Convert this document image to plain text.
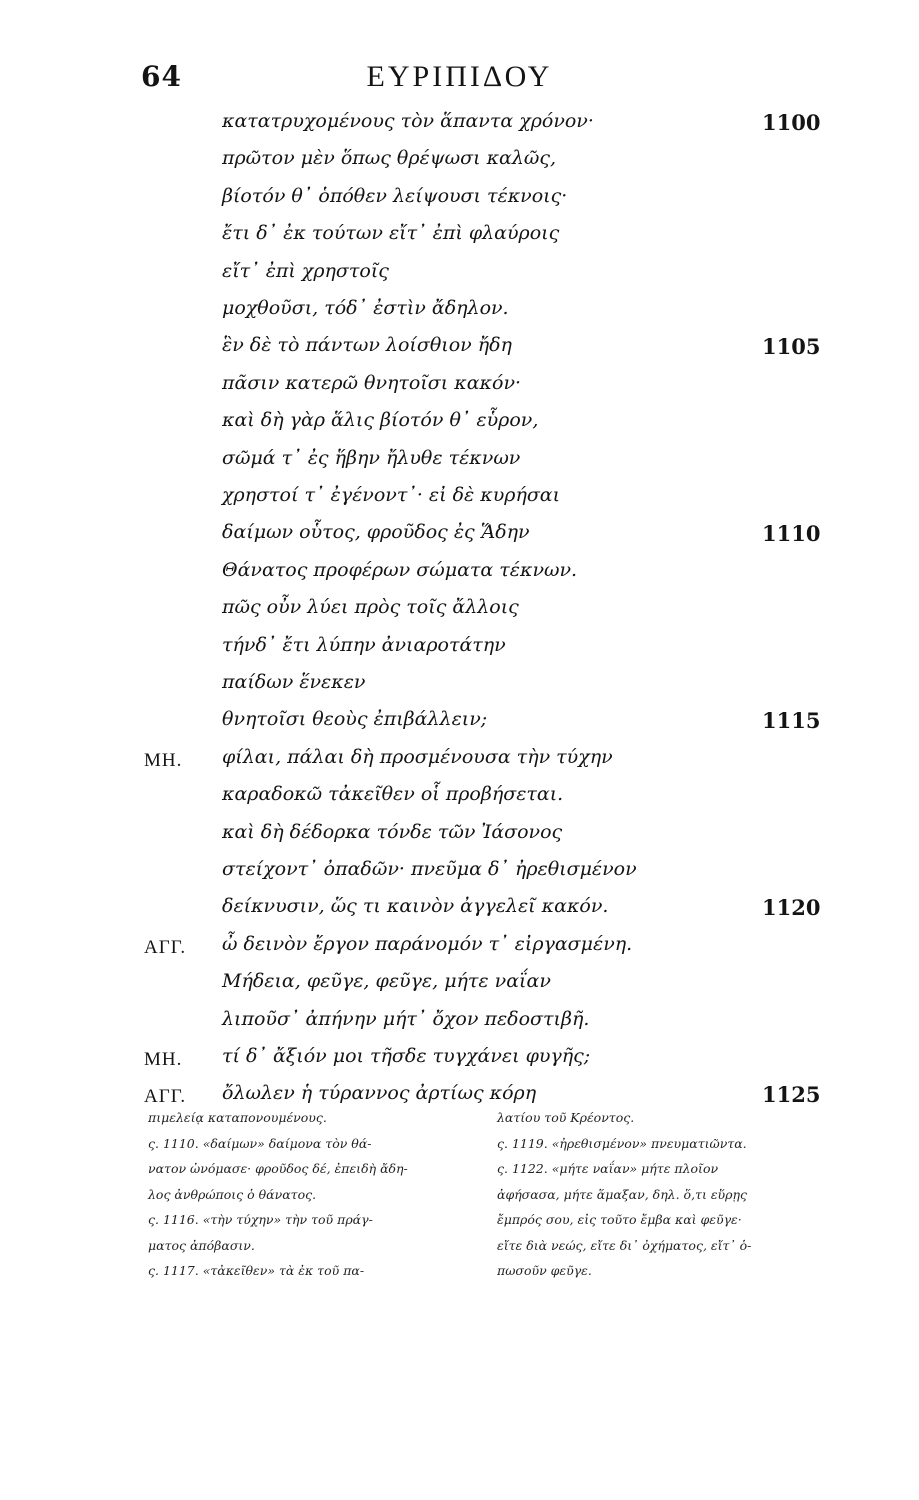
64	ΕΥΡΙΠΙΔΟΥ
κατατρυχομένους τὸν ἅπαντα χρόνον·	1100
πρῶτον μὲν ὅπως θρέψωσι καλῶς,
βίοτόν θ᾽ ὁπόθεν λείψουσι τέκνοις·
ἔτι δ᾽ ἐκ τούτων εἴτ᾽ ἐπὶ φλαύροις
εἴτ᾽ ἐπὶ χρηστοῖς
μοχθοῦσι, τόδ᾽ ἐστὶν ἄδηλον.
ἓν δὲ τὸ πάντων λοίσθιον ἤδη	1105
πᾶσιν κατερῶ θνητοῖσι κακόν·
καὶ δὴ γὰρ ἅλις βίοτόν θ᾽ εὗρον,
σῶμά τ᾽ ἐς ἥβην ἤλυθε τέκνων
χρηστοί τ᾽ ἐγένοντ᾽· εἰ δὲ κυρήσαι
δαίμων οὗτος, φροῦδος ἐς Ἅδην	1110
Θάνατος προφέρων σώματα τέκνων.
πῶς οὖν λύει πρὸς τοῖς ἄλλοις
τήνδ᾽ ἔτι λύπην ἀνιαροτάτην
παίδων ἕνεκεν
θνητοῖσι θεοὺς ἐπιβάλλειν;	1115
ΜΗ. φίλαι, πάλαι δὴ προσμένουσα τὴν τύχην
καραδοκῶ τἀκεῖθεν οἷ προβήσεται.
καὶ δὴ δέδορκα τόνδε τῶν Ἰάσονος
στείχοντ᾽ ὀπαδῶν· πνεῦμα δ᾽ ἠρεθισμένον
δείκνυσιν, ὥς τι καινὸν ἀγγελεῖ κακόν.	1120
ΑΓΓ. ὦ δεινὸν ἔργον παράνομόν τ᾽ εἰργασμένη.
Μήδεια, φεῦγε, φεῦγε, μήτε ναΐαν
λιποῦσ᾽ ἀπήνην μήτ᾽ ὄχον πεδοστιβῆ.
ΜΗ. τί δ᾽ ἄξιόν μοι τῆσδε τυγχάνει φυγῆς;
ΑΓΓ. ὄλωλεν ἡ τύραννος ἀρτίως κόρη	1125
πιμελείᾳ καταπονουμένους.
ς. 1110. «δαίμων» δαίμονα τὸν θά-
νατον ὠνόμασε· φροῦδος δέ, ἐπειδὴ ἄδη-
λος ἀνθρώποις ὁ θάνατος.
ς. 1116. «τὴν τύχην» τὴν τοῦ πράγ-
ματος ἀπόβασιν.
ς. 1117. «τἀκεῖθεν» τὰ ἐκ τοῦ πα-
λατίου τοῦ Κρέοντος.
ς. 1119. «ἠρεθισμένον» πνευματιῶντα.
ς. 1122. «μήτε ναΐαν» μήτε πλοῖον
ἀφήσασα, μήτε ἅμαξαν, δηλ. ὅ,τι εὕρῃς
ἔμπρός σου, εἰς τοῦτο ἔμβα καὶ φεῦγε·
εἴτε διὰ νεώς, εἴτε δι᾽ ὀχήματος, εἴτ᾽ ὁ-
πωσοῦν φεῦγε.
